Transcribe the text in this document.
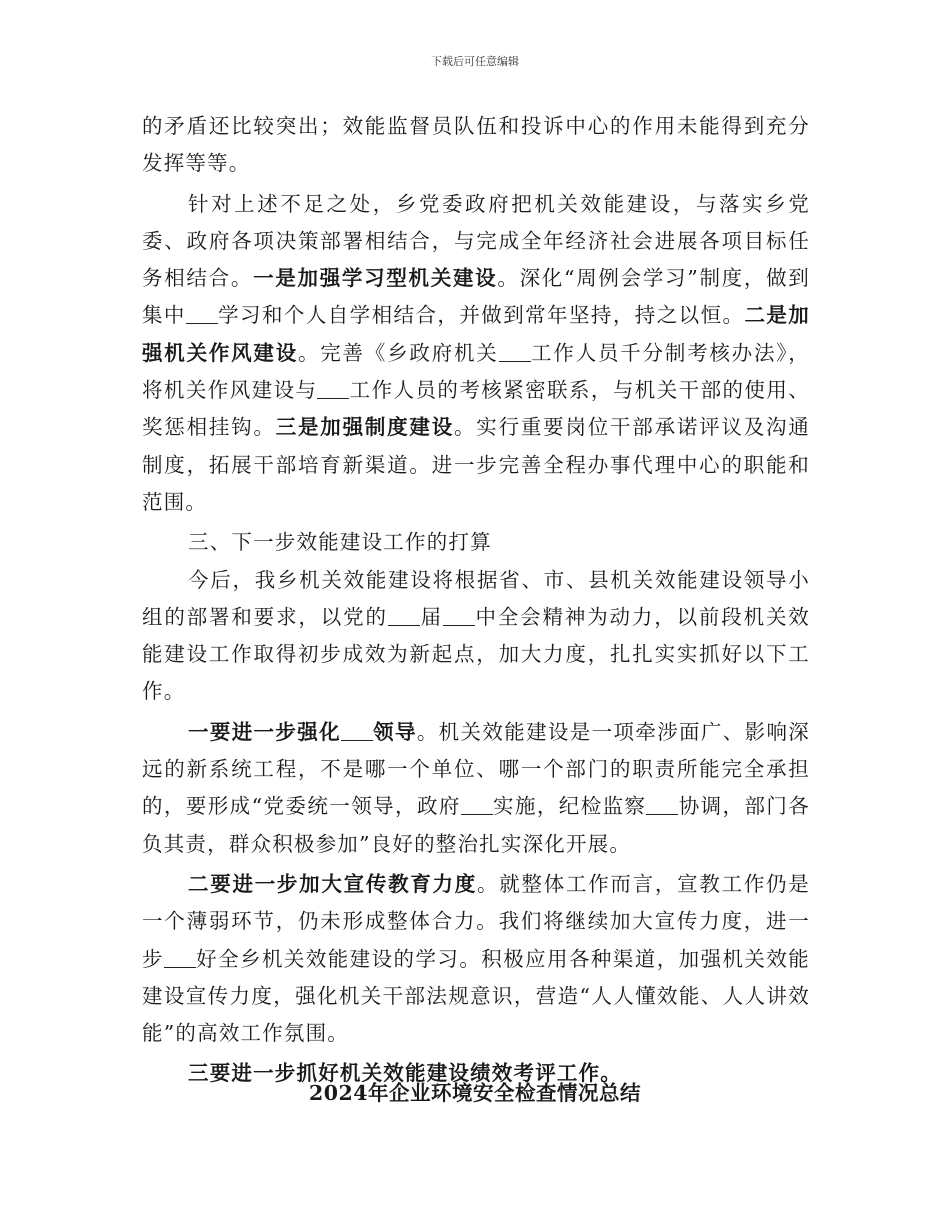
下载后可任意编辑

的矛盾还比较突出；效能监督员队伍和投诉中心的作用未能得到充分发挥等等。

针对上述不足之处，乡党委政府把机关效能建设，与落实乡党委、政府各项决策部署相结合，与完成全年经济社会进展各项目标任务相结合。一是加强学习型机关建设。深化“周例会学习”制度，做到集中 学习和个人自学相结合，并做到常年坚持，持之以恒。二是加强机关作风建设。完善《乡政府机关 工作人员千分制考核办法》，将机关作风建设与 工作人员的考核紧密联系，与机关干部的使用、奖惩相挂钩。三是加强制度建设。实行重要岗位干部承诺评议及沟通制度，拓展干部培育新渠道。进一步完善全程办事代理中心的职能和范围。

三、下一步效能建设工作的打算

今后，我乡机关效能建设将根据省、市、县机关效能建设领导小组的部署和要求，以党的 届 中全会精神为动力，以前段机关效能建设工作取得初步成效为新起点，加大力度，扎扎实实抓好以下工作。

一要进一步强化 领导。机关效能建设是一项牵涉面广、影响深远的新系统工程，不是哪一个单位、哪一个部门的职责所能完全承担的，要形成“党委统一领导，政府 实施，纪检监察 协调，部门各负其责，群众积极参加”良好的整治扎实深化开展。

二要进一步加大宣传教育力度。就整体工作而言，宣教工作仍是一个薄弱环节，仍未形成整体合力。我们将继续加大宣传力度，进一步 好全乡机关效能建设的学习。积极应用各种渠道，加强机关效能建设宣传力度，强化机关干部法规意识，营造“人人懂效能、人人讲效能”的高效工作氛围。

三要进一步抓好机关效能建设绩效考评工作。

2024年企业环境安全检查情况总结
